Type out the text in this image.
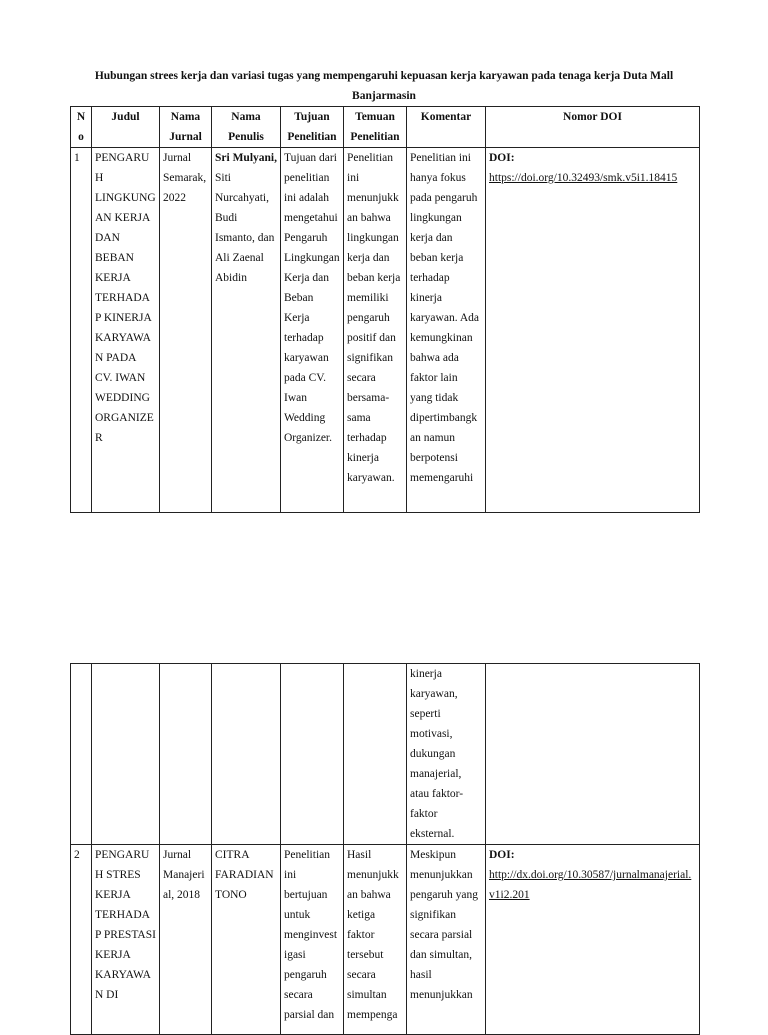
Hubungan strees kerja dan variasi tugas yang mempengaruhi kepuasan kerja karyawan pada tenaga kerja Duta Mall Banjarmasin
No	Judul	Nama Jurnal	Nama Penulis	Tujuan Penelitian	Temuan Penelitian	Komentar	Nomor DOI
1	PENGARUH LINGKUNGAN KERJA DAN BEBAN KERJA TERHADAP KINERJA KARYAWAN PADA CV. IWAN WEDDING ORGANIZER	Jurnal Semarak, 2022	Sri Mulyani, Siti Nurcahyati, Budi Ismanto, dan Ali Zaenal Abidin	Tujuan dari penelitian ini adalah mengetahui Pengaruh Lingkungan Kerja dan Beban Kerja terhadap karyawan pada CV. Iwan Wedding Organizer.	Penelitian ini menunjukkan bahwa lingkungan kerja dan beban kerja memiliki pengaruh positif dan signifikan secara bersama-sama terhadap kinerja karyawan.	Penelitian ini hanya fokus pada pengaruh lingkungan kerja dan beban kerja terhadap kinerja karyawan. Ada kemungkinan bahwa ada faktor lain yang tidak dipertimbangkan namun berpotensi memengaruhi	DOI: https://doi.org/10.32493/smk.v5i1.18415
						kinerja karyawan, seperti motivasi, dukungan manajerial, atau faktor-faktor eksternal.	
2	PENGARUH STRES KERJA TERHADAP PRESTASI KERJA KARYAWAN DI	Jurnal Manajerial, 2018	CITRA FARADIAN TONO	Penelitian ini bertujuan untuk menginvestigasi pengaruh secara parsial dan	Hasil menunjukkan bahwa ketiga faktor tersebut secara simultan mempenga	Meskipun menunjukkan pengaruh yang signifikan secara parsial dan simultan, hasil menunjukkan	DOI: http://dx.doi.org/10.30587/jurnalmanajerial.v1i2.201
